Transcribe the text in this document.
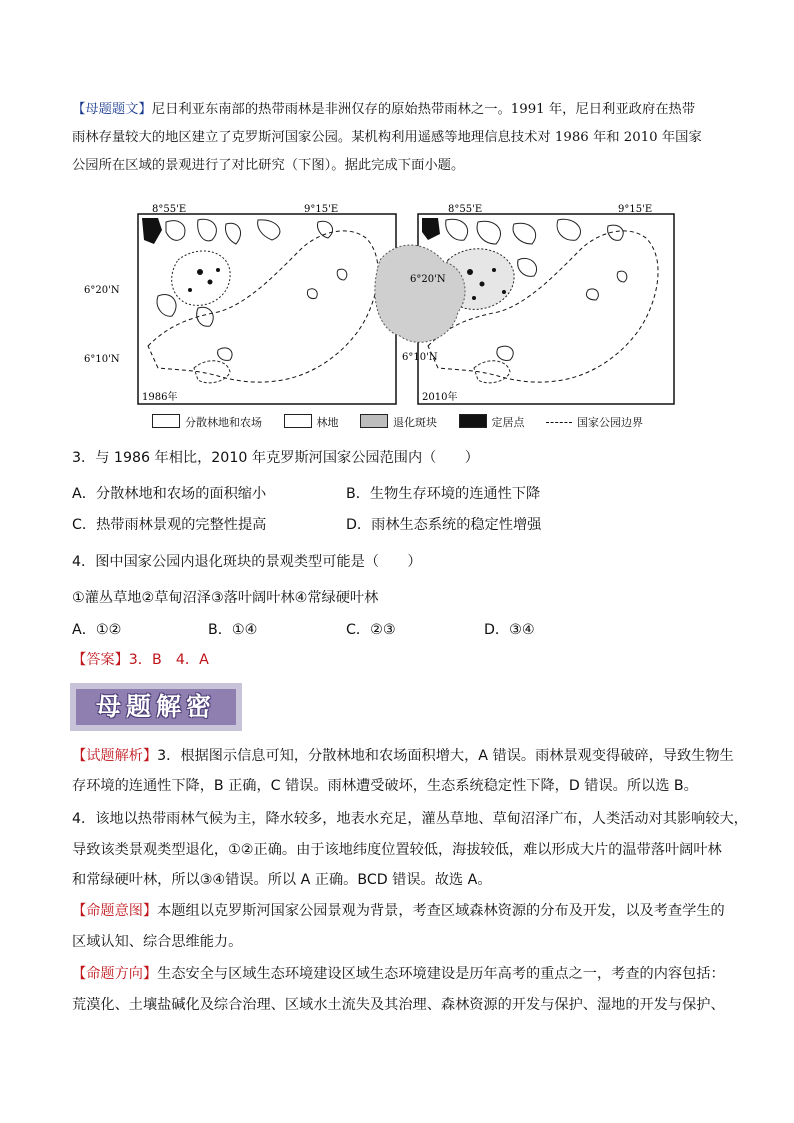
【母题题文】尼日利亚东南部的热带雨林是非洲仅存的原始热带雨林之一。1991 年，尼日利亚政府在热带
雨林存量较大的地区建立了克罗斯河国家公园。某机构利用遥感等地理信息技术对 1986 年和 2010 年国家
公园所在区域的景观进行了对比研究（下图）。据此完成下面小题。
8°55'E	9°15'E
6°20'N
6°10'N
1986年
8°55'E	9°15'E
6°20'N
6°10'N
2010年
分散林地和农场	林地	退化斑块	定居点	国家公园边界
3．与 1986 年相比，2010 年克罗斯河国家公园范围内（　　）
A．分散林地和农场的面积缩小	B．生物生存环境的连通性下降
C．热带雨林景观的完整性提高	D．雨林生态系统的稳定性增强
4．图中国家公园内退化斑块的景观类型可能是（　　）
①灌丛草地②草甸沼泽③落叶阔叶林④常绿硬叶林
A．①②	B．①④	C．②③	D．③④
【答案】3．B　4．A
母题解密
【试题解析】3．根据图示信息可知，分散林地和农场面积增大，A 错误。雨林景观变得破碎，导致生物生
存环境的连通性下降，B 正确，C 错误。雨林遭受破坏，生态系统稳定性下降，D 错误。所以选 B。
4．该地以热带雨林气候为主，降水较多，地表水充足，灌丛草地、草甸沼泽广布，人类活动对其影响较大，
导致该类景观类型退化，①②正确。由于该地纬度位置较低，海拔较低，难以形成大片的温带落叶阔叶林
和常绿硬叶林，所以③④错误。所以 A 正确。BCD 错误。故选 A。
【命题意图】本题组以克罗斯河国家公园景观为背景，考查区域森林资源的分布及开发，以及考查学生的
区域认知、综合思维能力。
【命题方向】生态安全与区域生态环境建设区域生态环境建设是历年高考的重点之一，考查的内容包括：
荒漠化、土壤盐碱化及综合治理、区域水土流失及其治理、森林资源的开发与保护、湿地的开发与保护、
